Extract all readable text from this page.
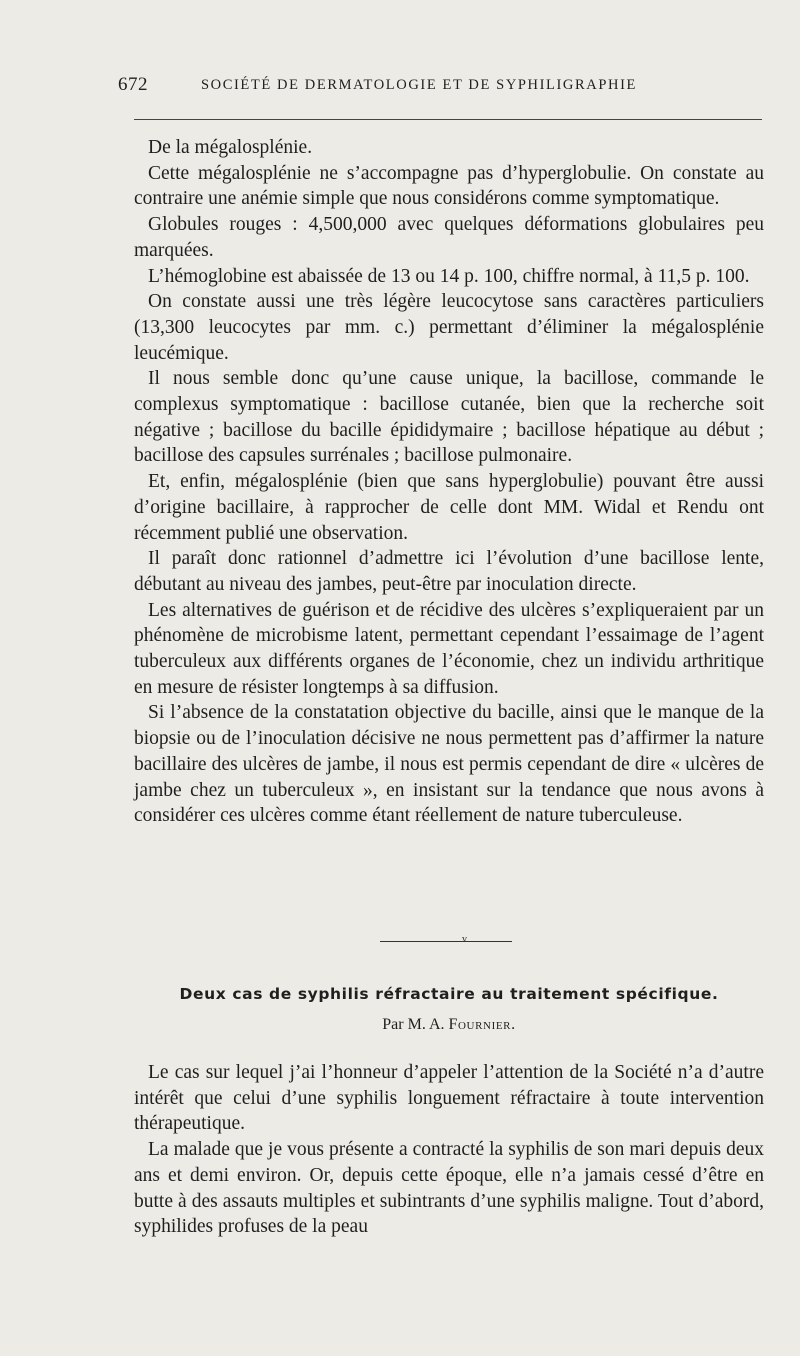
672	SOCIÉTÉ DE DERMATOLOGIE ET DE SYPHILIGRAPHIE

De la mégalosplénie.

Cette mégalosplénie ne s’accompagne pas d’hyperglobulie. On constate au contraire une anémie simple que nous considérons comme symptomatique.

Globules rouges : 4,500,000 avec quelques déformations globulaires peu marquées.

L’hémoglobine est abaissée de 13 ou 14 p. 100, chiffre normal, à 11,5 p. 100.

On constate aussi une très légère leucocytose sans caractères particuliers (13,300 leucocytes par mm. c.) permettant d’éliminer la mégalosplénie leucémique.

Il nous semble donc qu’une cause unique, la bacillose, commande le complexus symptomatique : bacillose cutanée, bien que la recherche soit négative ; bacillose du bacille épididymaire ; bacillose hépatique au début ; bacillose des capsules surrénales ; bacillose pulmonaire.

Et, enfin, mégalosplénie (bien que sans hyperglobulie) pouvant être aussi d’origine bacillaire, à rapprocher de celle dont MM. Widal et Rendu ont récemment publié une observation.

Il paraît donc rationnel d’admettre ici l’évolution d’une bacillose lente, débutant au niveau des jambes, peut-être par inoculation directe.

Les alternatives de guérison et de récidive des ulcères s’expliqueraient par un phénomène de microbisme latent, permettant cependant l’essaimage de l’agent tuberculeux aux différents organes de l’économie, chez un individu arthritique en mesure de résister longtemps à sa diffusion.

Si l’absence de la constatation objective du bacille, ainsi que le manque de la biopsie ou de l’inoculation décisive ne nous permettent pas d’affirmer la nature bacillaire des ulcères de jambe, il nous est permis cependant de dire « ulcères de jambe chez un tuberculeux », en insistant sur la tendance que nous avons à considérer ces ulcères comme étant réellement de nature tuberculeuse.

v
Deux cas de syphilis réfractaire au traitement spécifique.
Par M. A. Fournier.

Le cas sur lequel j’ai l’honneur d’appeler l’attention de la Société n’a d’autre intérêt que celui d’une syphilis longuement réfractaire à toute intervention thérapeutique.

La malade que je vous présente a contracté la syphilis de son mari depuis deux ans et demi environ. Or, depuis cette époque, elle n’a jamais cessé d’être en butte à des assauts multiples et subintrants d’une syphilis maligne. Tout d’abord, syphilides profuses de la peau
